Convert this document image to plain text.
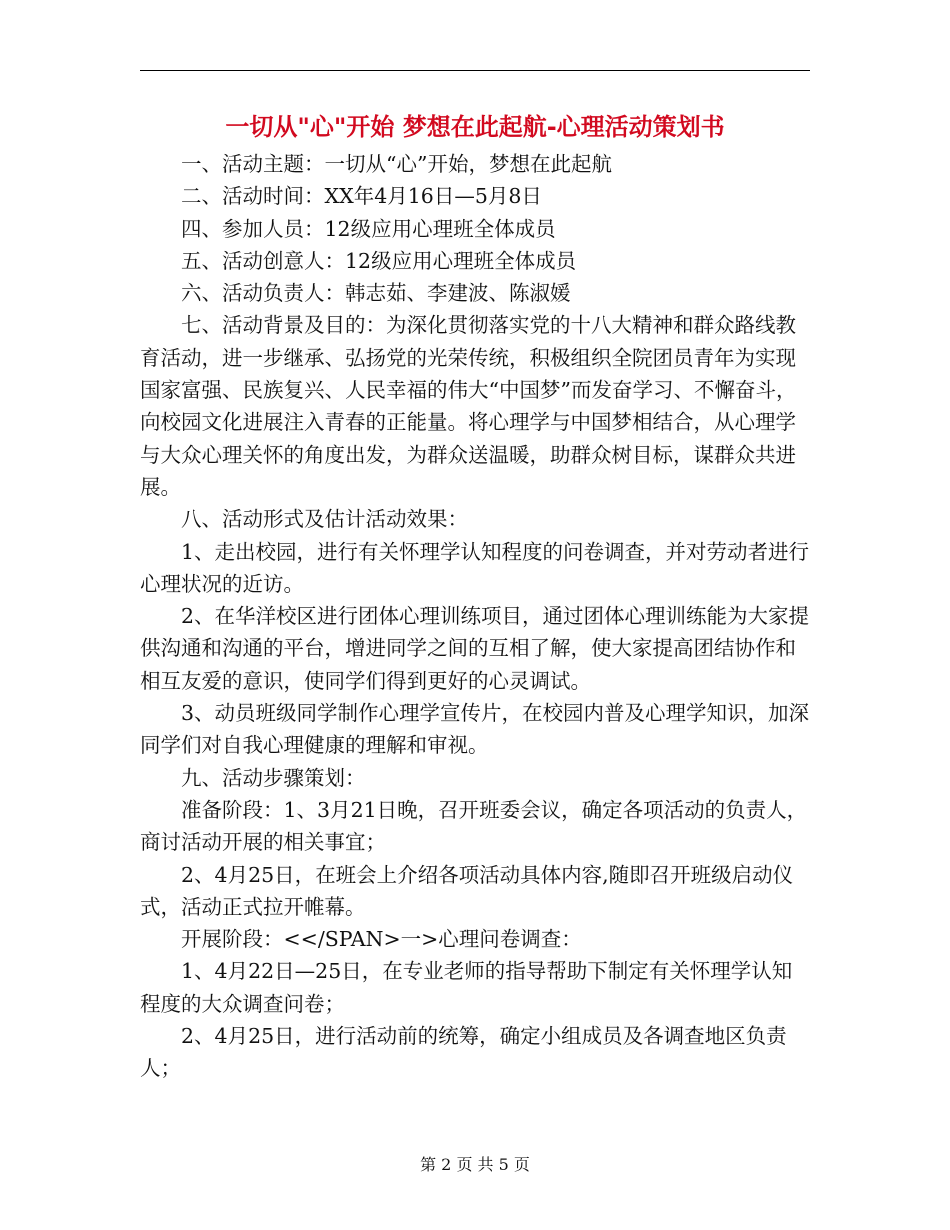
一切从"心"开始 梦想在此起航-心理活动策划书

一、活动主题：一切从“心”开始，梦想在此起航

二、活动时间：XX年4月16日—5月8日

四、参加人员：12级应用心理班全体成员

五、活动创意人：12级应用心理班全体成员

六、活动负责人：韩志茹、李建波、陈淑媛

七、活动背景及目的：为深化贯彻落实党的十八大精神和群众路线教育活动，进一步继承、弘扬党的光荣传统，积极组织全院团员青年为实现国家富强、民族复兴、人民幸福的伟大“中国梦”而发奋学习、不懈奋斗，向校园文化进展注入青春的正能量。将心理学与中国梦相结合，从心理学与大众心理关怀的角度出发，为群众送温暖，助群众树目标，谋群众共进展。

八、活动形式及估计活动效果：

1、走出校园，进行有关怀理学认知程度的问卷调查，并对劳动者进行心理状况的近访。

2、在华洋校区进行团体心理训练项目，通过团体心理训练能为大家提供沟通和沟通的平台，增进同学之间的互相了解，使大家提高团结协作和相互友爱的意识，使同学们得到更好的心灵调试。

3、动员班级同学制作心理学宣传片，在校园内普及心理学知识，加深同学们对自我心理健康的理解和审视。

九、活动步骤策划：

准备阶段：1、3月21日晚，召开班委会议，确定各项活动的负责人，商讨活动开展的相关事宜；

2、4月25日，在班会上介绍各项活动具体内容,随即召开班级启动仪式，活动正式拉开帷幕。

开展阶段：<</SPAN>一>心理问卷调查：

1、4月22日—25日，在专业老师的指导帮助下制定有关怀理学认知程度的大众调查问卷；

2、4月25日，进行活动前的统筹，确定小组成员及各调查地区负责人；

第 2 页 共 5 页
